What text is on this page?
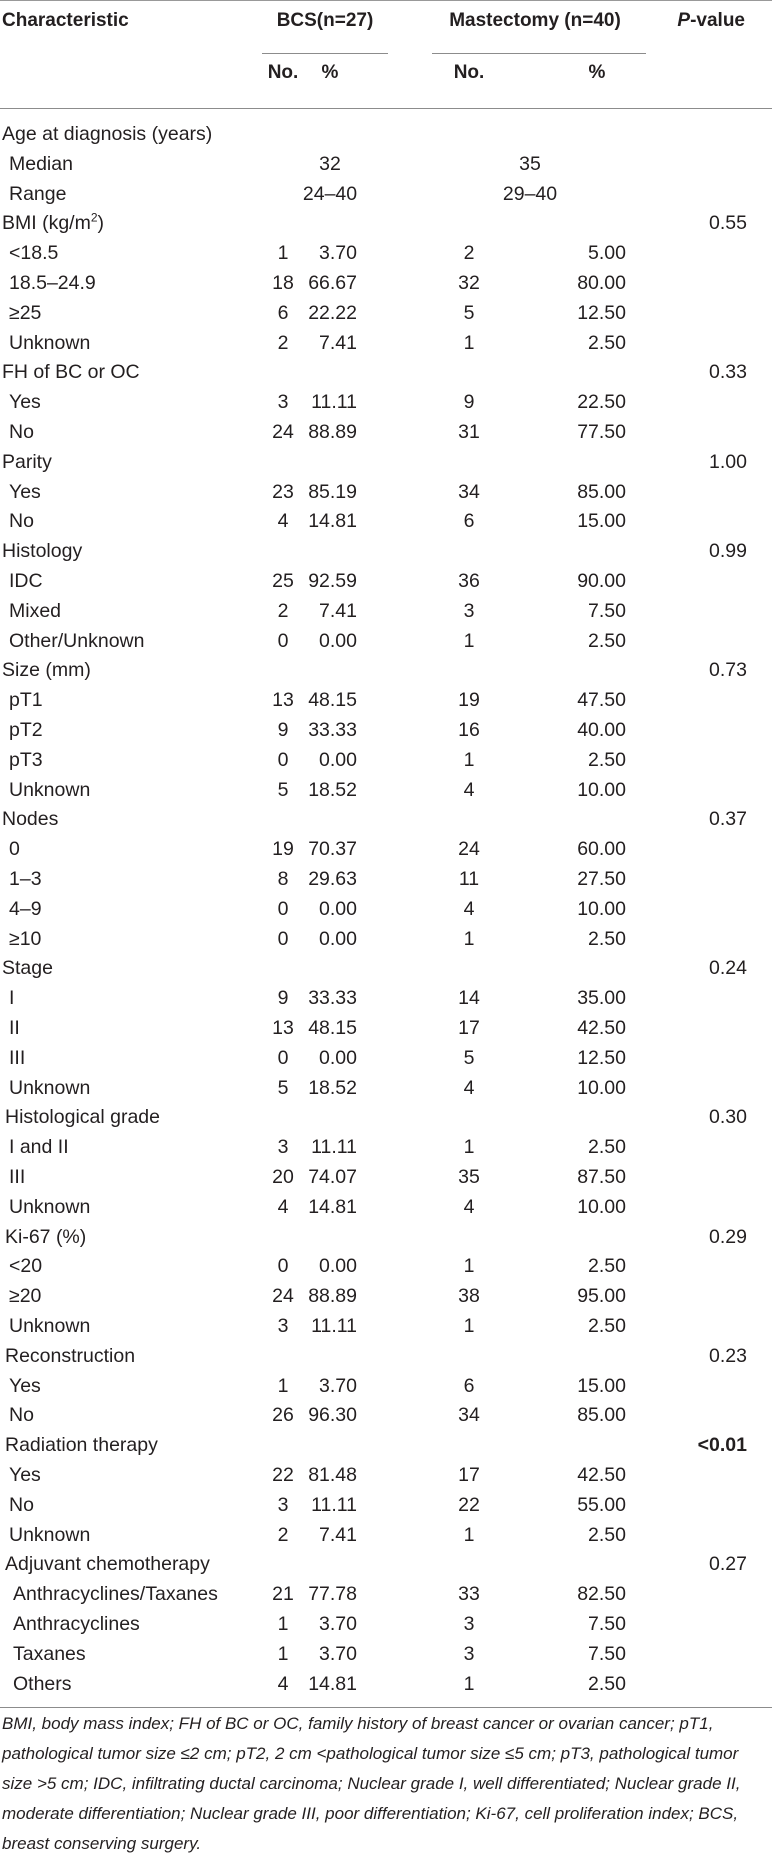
Characteristic	BCS(n=27)	Mastectomy (n=40)	P-value
No. %	No.	%
Age at diagnosis (years)
Median	32	35
Range	24–40	29–40
BMI $(kg/m^2)$	0.55
<18.5	1 3.70	2	5.00
18.5–24.9	18 66.67	32	80.00
≥25	6 22.22	5	12.50
Unknown	2 7.41	1	2.50
FH of BC or OC	0.33
Yes	3 11.11	9	22.50
No	24 88.89	31	77.50
Parity	1.00
Yes	23 85.19	34	85.00
No	4 14.81	6	15.00
Histology	0.99
IDC	25 92.59	36	90.00
Mixed	2 7.41	3	7.50
Other/Unknown	0 0.00	1	2.50
Size (mm)	0.73
pT1	13 48.15	19	47.50
pT2	9 33.33	16	40.00
pT3	0 0.00	1	2.50
Unknown	5 18.52	4	10.00
Nodes	0.37
0	19 70.37	24	60.00
1–3	8 29.63	11	27.50
4–9	0 0.00	4	10.00
≥10	0 0.00	1	2.50
Stage	0.24
I	9 33.33	14	35.00
II	13 48.15	17	42.50
III	0 0.00	5	12.50
Unknown	5 18.52	4	10.00
Histological grade	0.30
I and II	3 11.11	1	2.50
III	20 74.07	35	87.50
Unknown	4 14.81	4	10.00
Ki-67 (%)	0.29
<20	0 0.00	1	2.50
≥20	24 88.89	38	95.00
Unknown	3 11.11	1	2.50
Reconstruction	0.23
Yes	1 3.70	6	15.00
No	26 96.30	34	85.00
Radiation therapy	<0.01
Yes	22 81.48	17	42.50
No	3 11.11	22	55.00
Unknown	2 7.41	1	2.50
Adjuvant chemotherapy	0.27
Anthracyclines/Taxanes	21 77.78	33	82.50
Anthracyclines	1 3.70	3	7.50
Taxanes	1 3.70	3	7.50
Others	4 14.81	1	2.50
BMI, body mass index; FH of BC or OC, family history of breast cancer or ovarian cancer; pT1, pathological tumor size ≤2 cm; pT2, 2 cm <pathological tumor size ≤5 cm; pT3, pathological tumor size >5 cm; IDC, infiltrating ductal carcinoma; Nuclear grade I, well differentiated; Nuclear grade II, moderate differentiation; Nuclear grade III, poor differentiation; Ki-67, cell proliferation index; BCS, breast conserving surgery.
